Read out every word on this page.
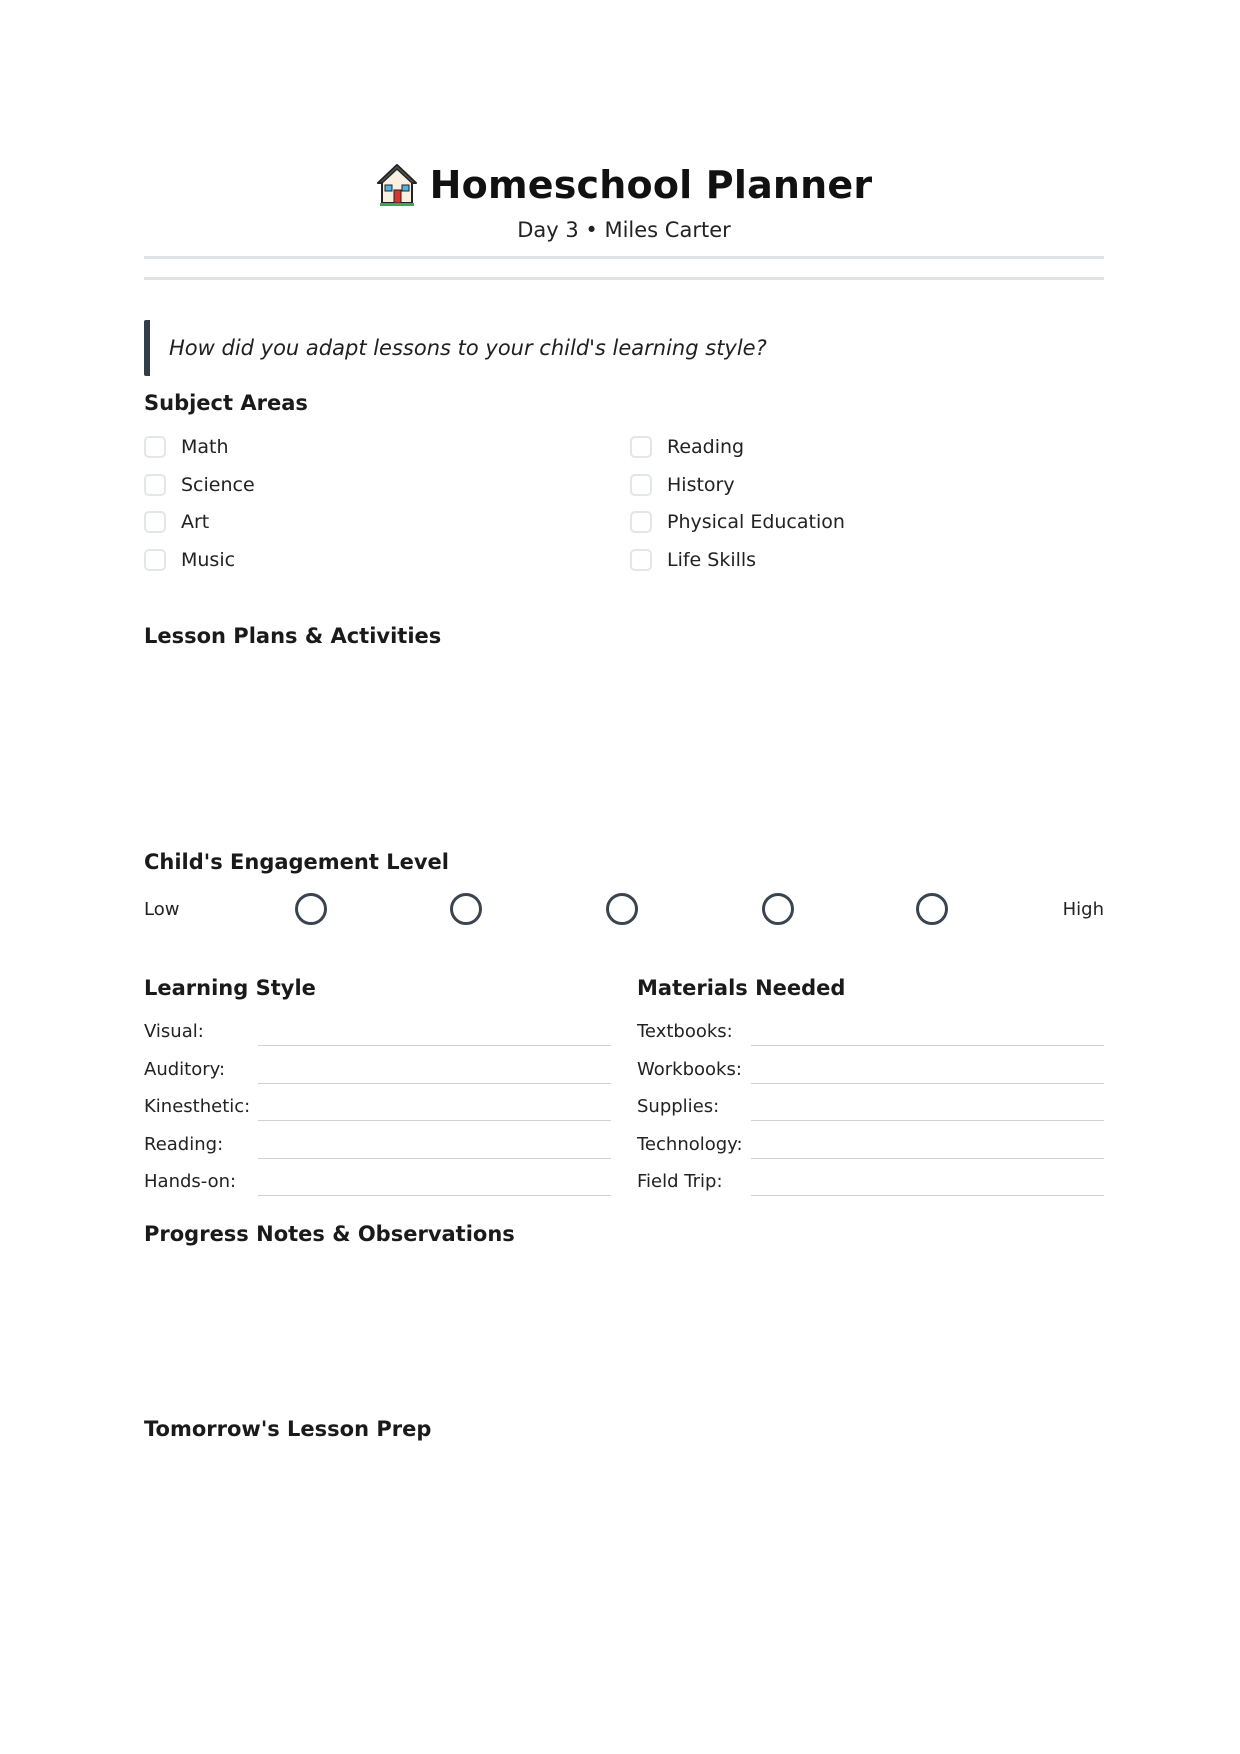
Homeschool Planner
Day 3 • Miles Carter
How did you adapt lessons to your child's learning style?
Subject Areas
Math	Reading
Science	History
Art	Physical Education
Music	Life Skills
Lesson Plans & Activities
Child's Engagement Level
Low	High
Learning Style	Materials Needed
Visual:
Auditory:
Kinesthetic:
Reading:
Hands-on:
Textbooks:
Workbooks:
Supplies:
Technology:
Field Trip:
Progress Notes & Observations
Tomorrow's Lesson Prep
